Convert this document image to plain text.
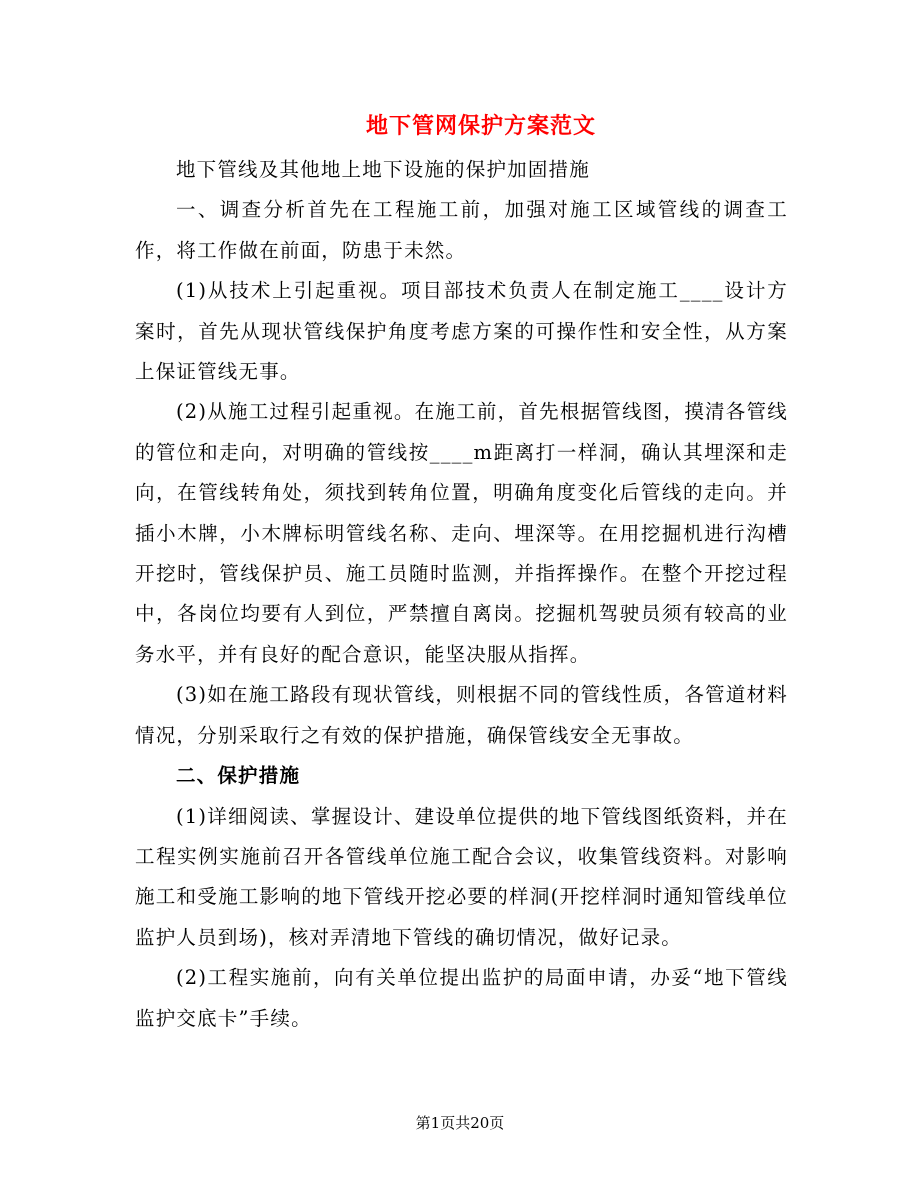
地下管网保护方案范文

地下管线及其他地上地下设施的保护加固措施

一、调查分析首先在工程施工前，加强对施工区域管线的调查工作，将工作做在前面，防患于未然。

(1)从技术上引起重视。项目部技术负责人在制定施工____设计方案时，首先从现状管线保护角度考虑方案的可操作性和安全性，从方案上保证管线无事。

(2)从施工过程引起重视。在施工前，首先根据管线图，摸清各管线的管位和走向，对明确的管线按____m距离打一样洞，确认其埋深和走向，在管线转角处，须找到转角位置，明确角度变化后管线的走向。并插小木牌，小木牌标明管线名称、走向、埋深等。在用挖掘机进行沟槽开挖时，管线保护员、施工员随时监测，并指挥操作。在整个开挖过程中，各岗位均要有人到位，严禁擅自离岗。挖掘机驾驶员须有较高的业务水平，并有良好的配合意识，能坚决服从指挥。

(3)如在施工路段有现状管线，则根据不同的管线性质，各管道材料情况，分别采取行之有效的保护措施，确保管线安全无事故。

二、保护措施

(1)详细阅读、掌握设计、建设单位提供的地下管线图纸资料，并在工程实例实施前召开各管线单位施工配合会议，收集管线资料。对影响施工和受施工影响的地下管线开挖必要的样洞(开挖样洞时通知管线单位监护人员到场)，核对弄清地下管线的确切情况，做好记录。

(2)工程实施前，向有关单位提出监护的局面申请，办妥“地下管线监护交底卡”手续。

第1页共20页
